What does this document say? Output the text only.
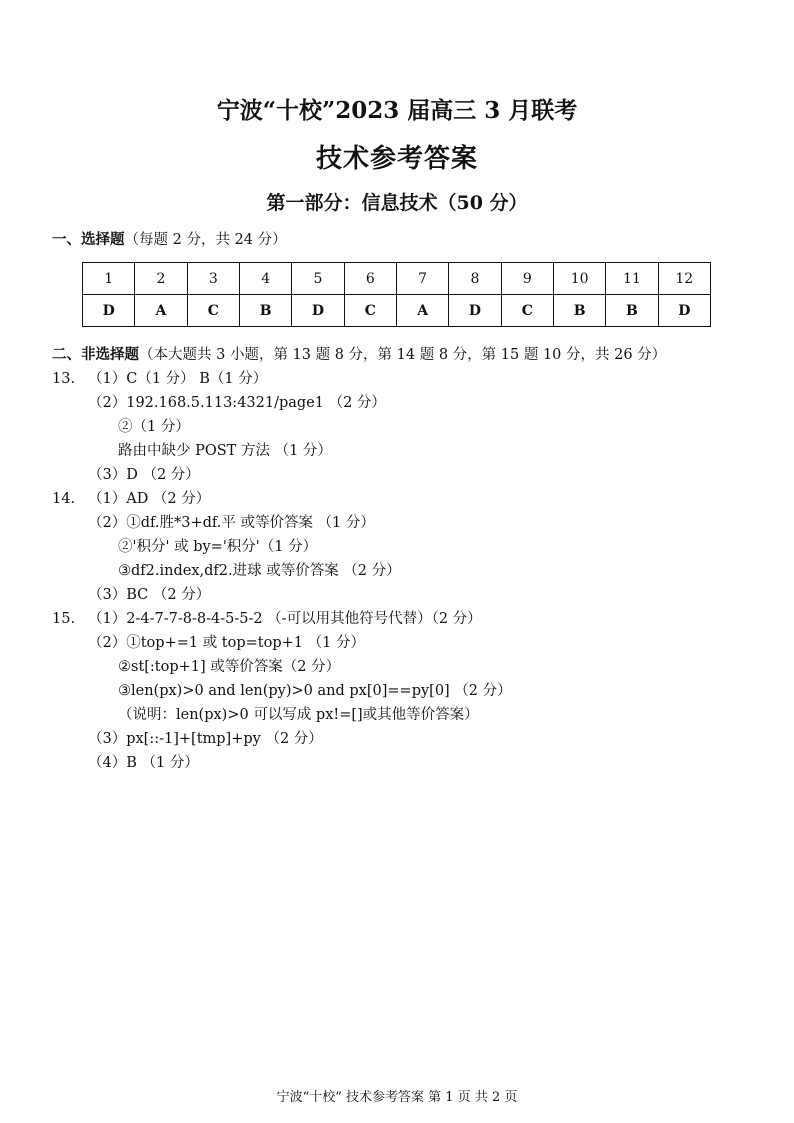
宁波“十校”2023 届高三 3 月联考
技术参考答案
第一部分：信息技术（50 分）
一、选择题（每题 2 分，共 24 分）
1	2	3	4	5	6	7	8	9	10	11	12
D	A	C	B	D	C	A	D	C	B	B	D
二、非选择题（本大题共 3 小题，第 13 题 8 分，第 14 题 8 分，第 15 题 10 分，共 26 分）
13. （1）C（1 分） B（1 分）
（2）192.168.5.113:4321/page1 （2 分）
②（1 分）
路由中缺少 POST 方法 （1 分）
（3）D （2 分）
14. （1）AD （2 分）
（2）①df.胜*3+df.平 或等价答案 （1 分）
②'积分' 或 by='积分'（1 分）
③df2.index,df2.进球 或等价答案 （2 分）
（3）BC （2 分）
15. （1）2-4-7-7-8-8-4-5-5-2 （-可以用其他符号代替）（2 分）
（2）①top+=1 或 top=top+1 （1 分）
②st[:top+1] 或等价答案（2 分）
③len(px)>0 and len(py)>0 and px[0]==py[0] （2 分）
（说明：len(px)>0 可以写成 px!=[]或其他等价答案）
（3）px[::-1]+[tmp]+py （2 分）
（4）B （1 分）
宁波“十校” 技术参考答案 第 1 页 共 2 页
